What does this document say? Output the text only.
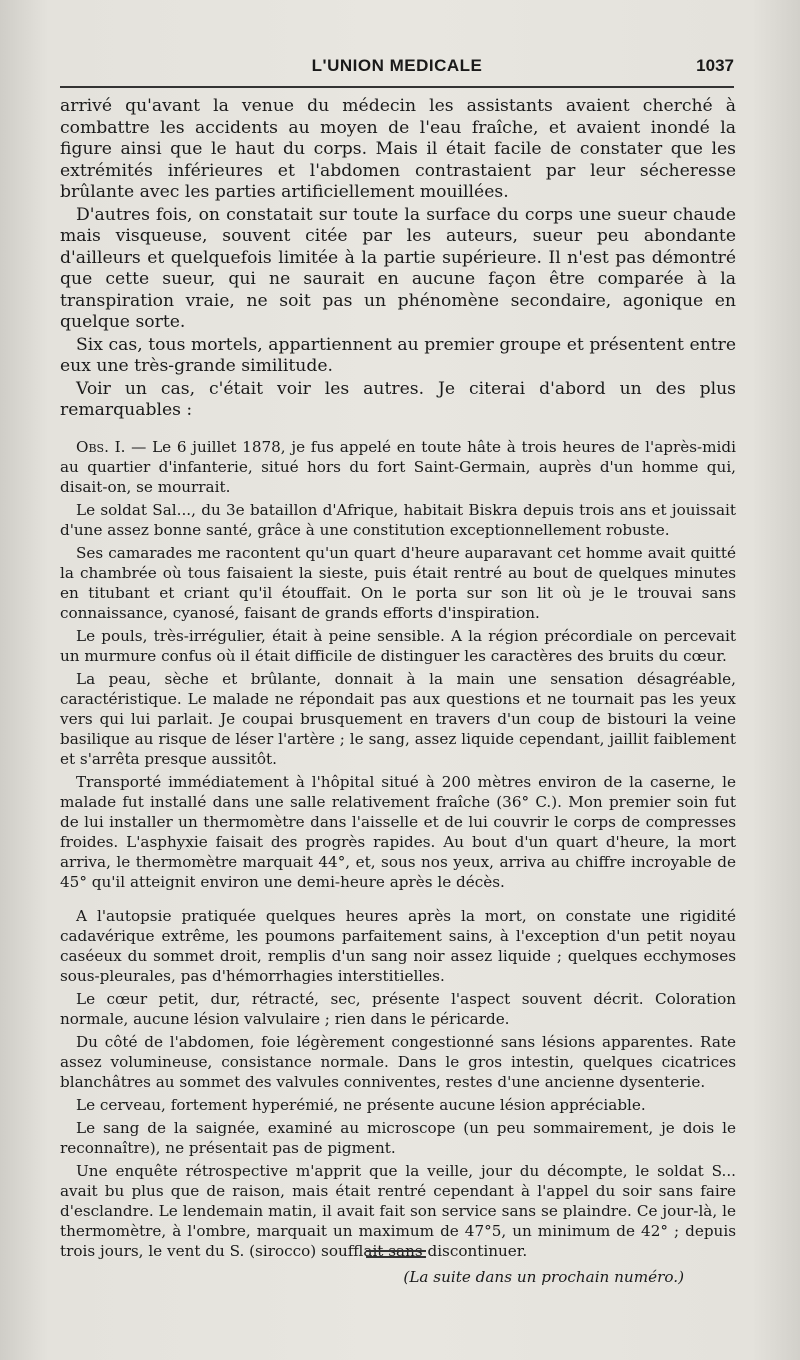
L'UNION MEDICALE	1037

arrivé qu'avant la venue du médecin les assistants avaient cherché à combattre les accidents au moyen de l'eau fraîche, et avaient inondé la figure ainsi que le haut du corps. Mais il était facile de constater que les extrémités inférieures et l'abdomen contrastaient par leur sécheresse brûlante avec les parties artificiellement mouillées.

D'autres fois, on constatait sur toute la surface du corps une sueur chaude mais visqueuse, souvent citée par les auteurs, sueur peu abondante d'ailleurs et quelquefois limitée à la partie supérieure. Il n'est pas démontré que cette sueur, qui ne saurait en aucune façon être comparée à la transpiration vraie, ne soit pas un phénomène secondaire, agonique en quelque sorte.

Six cas, tous mortels, appartiennent au premier groupe et présentent entre eux une très-grande similitude.

Voir un cas, c'était voir les autres. Je citerai d'abord un des plus remarquables :

Obs. I. — Le 6 juillet 1878, je fus appelé en toute hâte à trois heures de l'après-midi au quartier d'infanterie, situé hors du fort Saint-Germain, auprès d'un homme qui, disait-on, se mourrait.

Le soldat Sal..., du 3e bataillon d'Afrique, habitait Biskra depuis trois ans et jouissait d'une assez bonne santé, grâce à une constitution exceptionnellement robuste.

Ses camarades me racontent qu'un quart d'heure auparavant cet homme avait quitté la chambrée où tous faisaient la sieste, puis était rentré au bout de quelques minutes en titubant et criant qu'il étouffait. On le porta sur son lit où je le trouvai sans connaissance, cyanosé, faisant de grands efforts d'inspiration.

Le pouls, très-irrégulier, était à peine sensible. A la région précordiale on percevait un murmure confus où il était difficile de distinguer les caractères des bruits du cœur.

La peau, sèche et brûlante, donnait à la main une sensation désagréable, caractéristique. Le malade ne répondait pas aux questions et ne tournait pas les yeux vers qui lui parlait. Je coupai brusquement en travers d'un coup de bistouri la veine basilique au risque de léser l'artère ; le sang, assez liquide cependant, jaillit faiblement et s'arrêta presque aussitôt.

Transporté immédiatement à l'hôpital situé à 200 mètres environ de la caserne, le malade fut installé dans une salle relativement fraîche (36° C.). Mon premier soin fut de lui installer un thermomètre dans l'aisselle et de lui couvrir le corps de compresses froides. L'asphyxie faisait des progrès rapides. Au bout d'un quart d'heure, la mort arriva, le thermomètre marquait 44°, et, sous nos yeux, arriva au chiffre incroyable de 45° qu'il atteignit environ une demi-heure après le décès.

A l'autopsie pratiquée quelques heures après la mort, on constate une rigidité cadavérique extrême, les poumons parfaitement sains, à l'exception d'un petit noyau caséeux du sommet droit, remplis d'un sang noir assez liquide ; quelques ecchymoses sous-pleurales, pas d'hémorrhagies interstitielles.

Le cœur petit, dur, rétracté, sec, présente l'aspect souvent décrit. Coloration normale, aucune lésion valvulaire ; rien dans le péricarde.

Du côté de l'abdomen, foie légèrement congestionné sans lésions apparentes. Rate assez volumineuse, consistance normale. Dans le gros intestin, quelques cicatrices blanchâtres au sommet des valvules conniventes, restes d'une ancienne dysenterie.

Le cerveau, fortement hyperémié, ne présente aucune lésion appréciable.

Le sang de la saignée, examiné au microscope (un peu sommairement, je dois le reconnaître), ne présentait pas de pigment.

Une enquête rétrospective m'apprit que la veille, jour du décompte, le soldat S... avait bu plus que de raison, mais était rentré cependant à l'appel du soir sans faire d'esclandre. Le lendemain matin, il avait fait son service sans se plaindre. Ce jour-là, le thermomètre, à l'ombre, marquait un maximum de 47°5, un minimum de 42° ; depuis trois jours, le vent du S. (sirocco) soufflait sans discontinuer.

(La suite dans un prochain numéro.)
